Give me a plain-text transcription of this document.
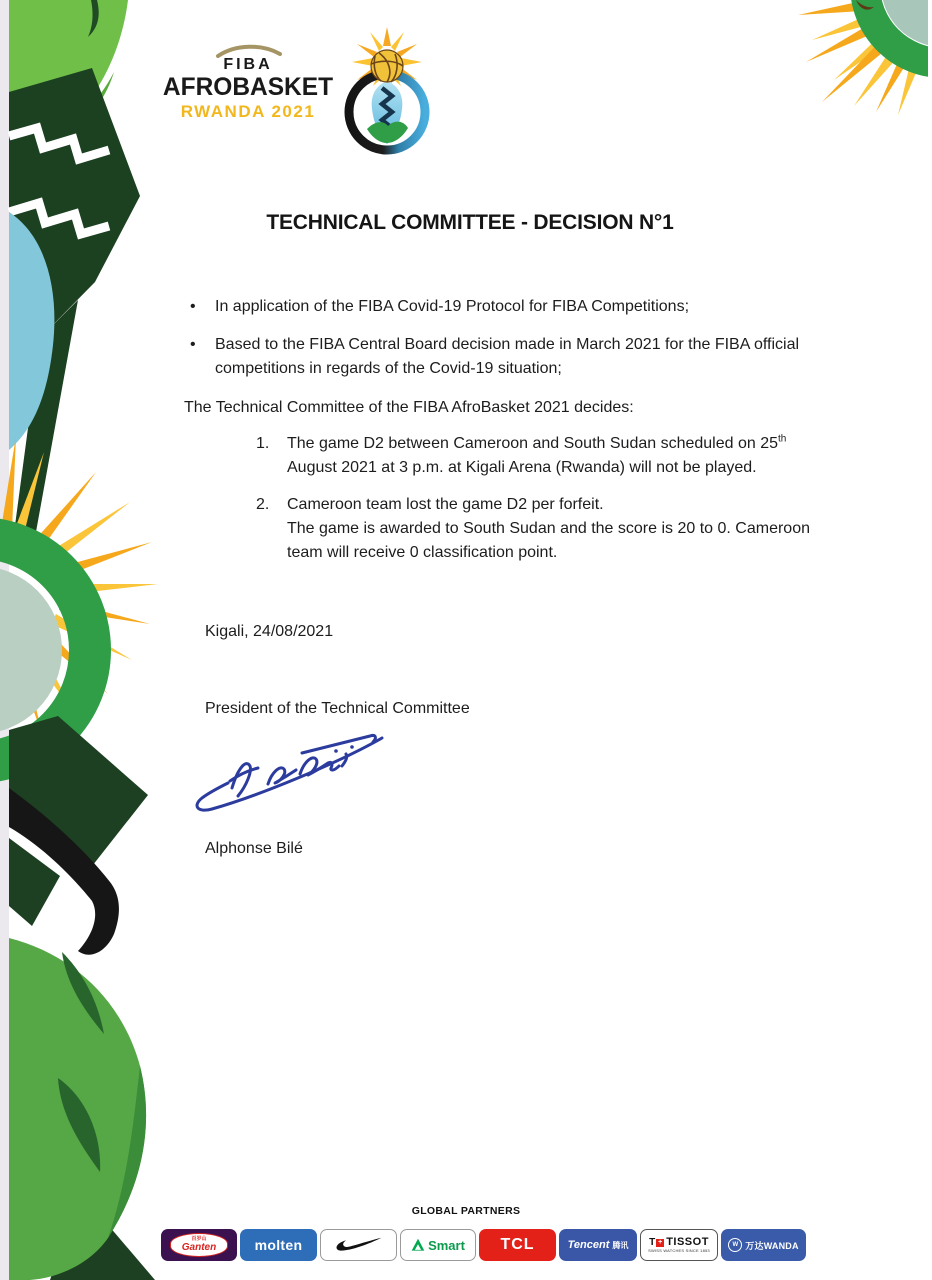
FIBA
AFROBASKET
RWANDA 2021
TECHNICAL COMMITTEE - DECISION N°1
•	In application of the FIBA Covid-19 Protocol for FIBA Competitions;
•	Based to the FIBA Central Board decision made in March 2021 for the FIBA official
competitions in regards of the Covid-19 situation;
The Technical Committee of the FIBA AfroBasket 2021 decides:
1.	The game D2 between Cameroon and South Sudan scheduled on 25th
August 2021 at 3 p.m. at Kigali Arena (Rwanda) will not be played.
2.	Cameroon team lost the game D2 per forfeit.
The game is awarded to South Sudan and the score is 20 to 0. Cameroon
team will receive 0 classification point.
Kigali, 24/08/2021
President of the Technical Committee
Alphonse Bilé
GLOBAL PARTNERS
百岁山
Ganten	molten	Smart TCL	Tencent 腾讯 T + TISSOT
SWISS WATCHES SINCE 1853
W 万达WANDA
